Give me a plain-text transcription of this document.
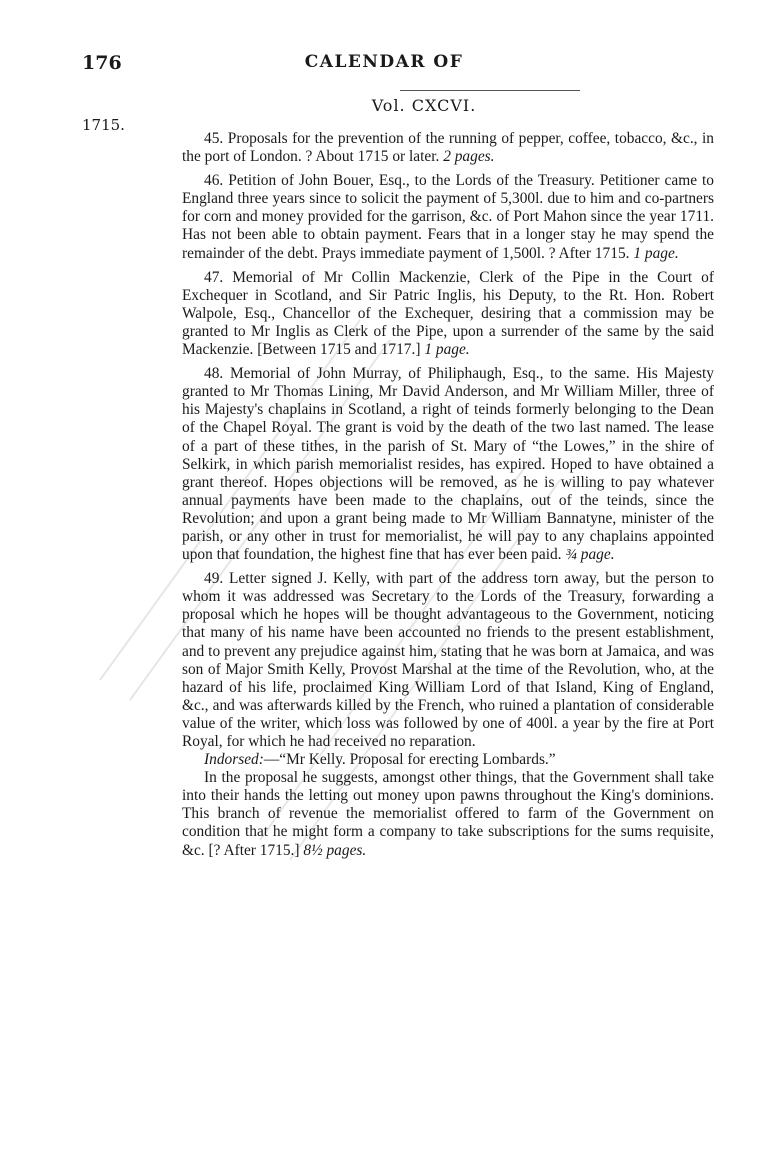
176	CALENDAR OF
Vol. CXCVI.
1715.

45. Proposals for the prevention of the running of pepper, coffee, tobacco, &c., in the port of London. ? About 1715 or later. 2 pages.

46. Petition of John Bouer, Esq., to the Lords of the Treasury. Petitioner came to England three years since to solicit the payment of 5,300l. due to him and co-partners for corn and money provided for the garrison, &c. of Port Mahon since the year 1711. Has not been able to obtain payment. Fears that in a longer stay he may spend the remainder of the debt. Prays immediate payment of 1,500l. ? After 1715. 1 page.

47. Memorial of Mr Collin Mackenzie, Clerk of the Pipe in the Court of Exchequer in Scotland, and Sir Patric Inglis, his Deputy, to the Rt. Hon. Robert Walpole, Esq., Chancellor of the Exchequer, desiring that a commission may be granted to Mr Inglis as Clerk of the Pipe, upon a surrender of the same by the said Mackenzie. [Between 1715 and 1717.] 1 page.

48. Memorial of John Murray, of Philiphaugh, Esq., to the same. His Majesty granted to Mr Thomas Lining, Mr David Anderson, and Mr William Miller, three of his Majesty's chaplains in Scotland, a right of teinds formerly belonging to the Dean of the Chapel Royal. The grant is void by the death of the two last named. The lease of a part of these tithes, in the parish of St. Mary of “the Lowes,” in the shire of Selkirk, in which parish memorialist resides, has expired. Hoped to have obtained a grant thereof. Hopes objections will be removed, as he is willing to pay whatever annual payments have been made to the chaplains, out of the teinds, since the Revolution; and upon a grant being made to Mr William Bannatyne, minister of the parish, or any other in trust for memorialist, he will pay to any chaplains appointed upon that foundation, the highest fine that has ever been paid. ¾ page.

49. Letter signed J. Kelly, with part of the address torn away, but the person to whom it was addressed was Secretary to the Lords of the Treasury, forwarding a proposal which he hopes will be thought advantageous to the Government, noticing that many of his name have been accounted no friends to the present establishment, and to prevent any prejudice against him, stating that he was born at Jamaica, and was son of Major Smith Kelly, Provost Marshal at the time of the Revolution, who, at the hazard of his life, proclaimed King William Lord of that Island, King of England, &c., and was afterwards killed by the French, who ruined a plantation of considerable value of the writer, which loss was followed by one of 400l. a year by the fire at Port Royal, for which he had received no reparation.

Indorsed:—“Mr Kelly. Proposal for erecting Lombards.”

In the proposal he suggests, amongst other things, that the Government shall take into their hands the letting out money upon pawns throughout the King's dominions. This branch of revenue the memorialist offered to farm of the Government on condition that he might form a company to take subscriptions for the sums requisite, &c. [? After 1715.] 8½ pages.
